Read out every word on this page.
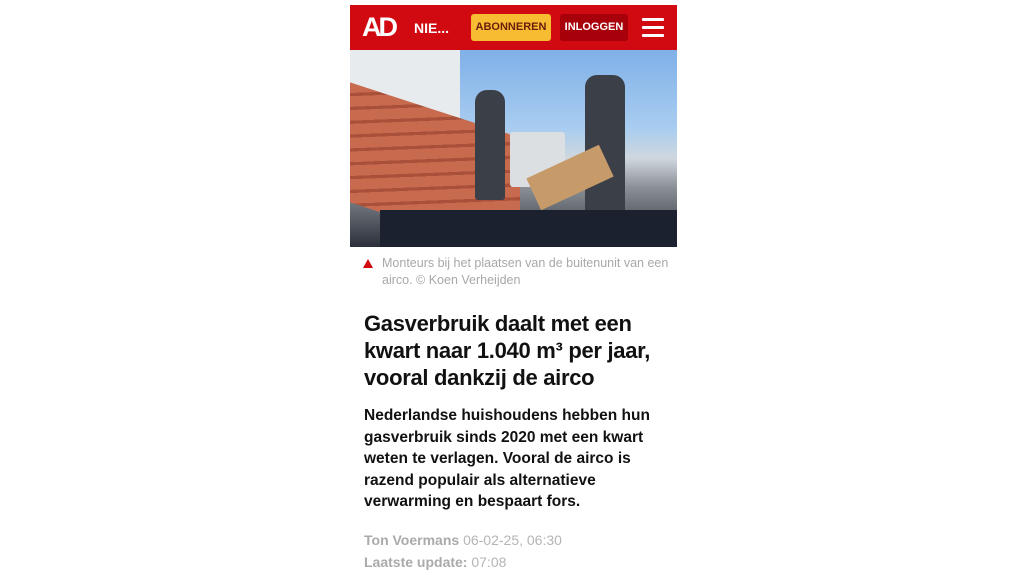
AD NIE...	ABONNEREN	INLOGGEN
Monteurs bij het plaatsen van de buitenunit van een airco. © Koen Verheijden
Gasverbruik daalt met een kwart naar 1.040 m³ per jaar, vooral dankzij de airco

Nederlandse huishoudens hebben hun gasverbruik sinds 2020 met een kwart weten te verlagen. Vooral de airco is razend populair als alternatieve verwarming en bespaart fors.

Ton Voermans 06-02-25, 06:30
Laatste update: 07:08
